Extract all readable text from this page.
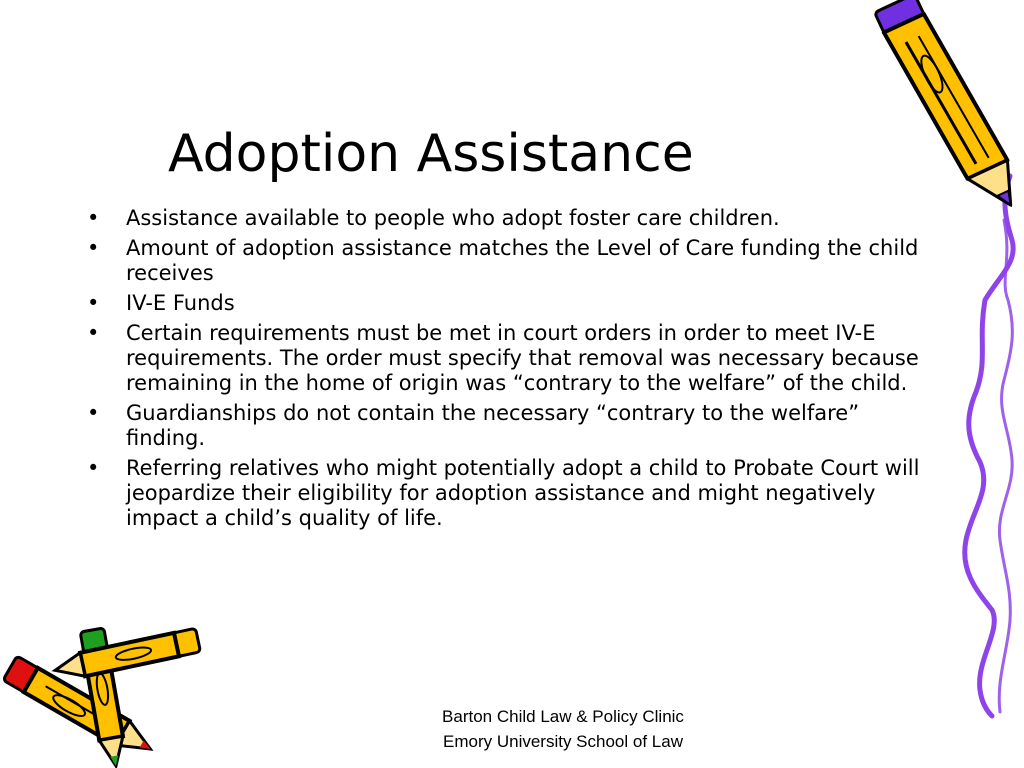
Adoption Assistance
• Assistance available to people who adopt foster care children.
• Amount of adoption assistance matches the Level of Care funding the child receives
• IV-E Funds
• Certain requirements must be met in court orders in order to meet IV-E requirements. The order must specify that removal was necessary because remaining in the home of origin was “contrary to the welfare” of the child.
• Guardianships do not contain the necessary “contrary to the welfare” finding.
• Referring relatives who might potentially adopt a child to Probate Court will jeopardize their eligibility for adoption assistance and might negatively impact a child’s quality of life.
Barton Child Law & Policy Clinic
Emory University School of Law
